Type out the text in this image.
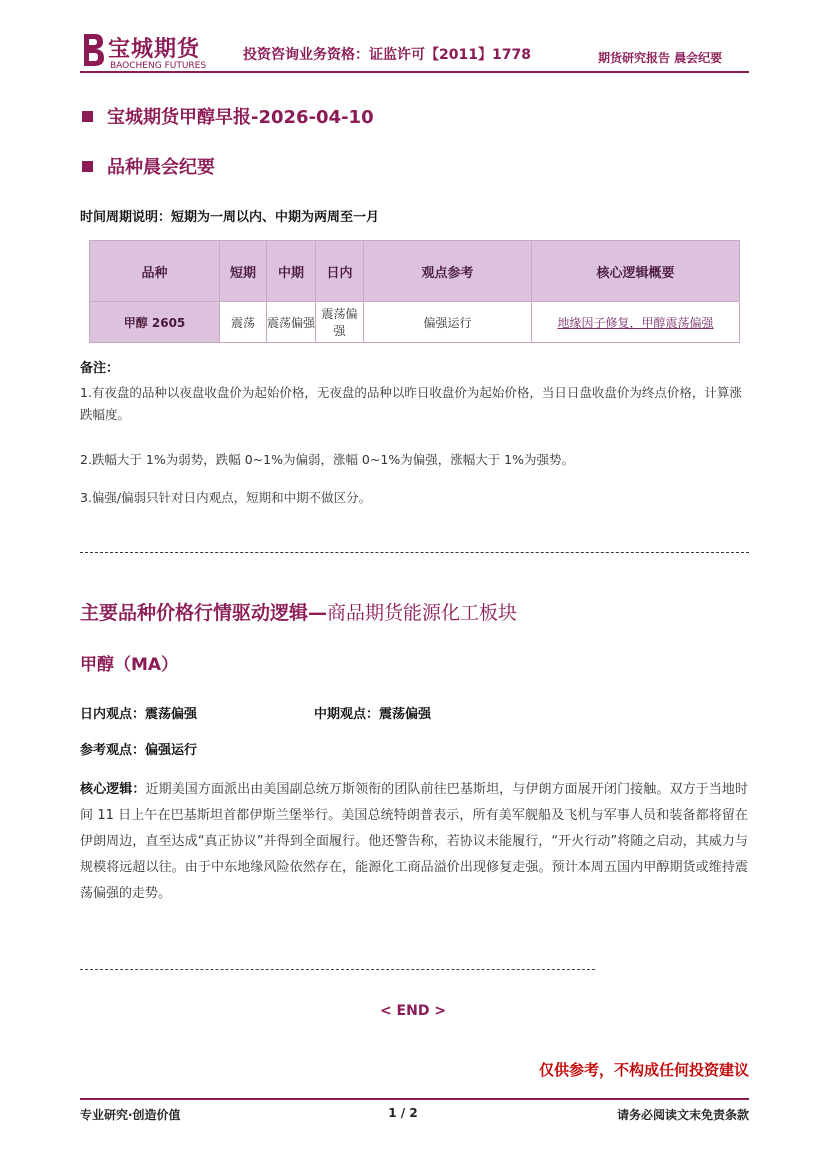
宝城期货
BAOCHENG FUTURES
投资咨询业务资格：证监许可【2011】1778	期货研究报告 晨会纪要
宝城期货甲醇早报-2026-04-10
品种晨会纪要
时间周期说明：短期为一周以内、中期为两周至一月
品种	短期	中期	日内	观点参考	核心逻辑概要
甲醇 2605	震荡	震荡偏强	震荡偏强	偏强运行	地缘因子修复，甲醇震荡偏强
备注：
1.有夜盘的品种以夜盘收盘价为起始价格，无夜盘的品种以昨日收盘价为起始价格，当日日盘收盘价为终点价格，计算涨跌幅度。
2.跌幅大于 1%为弱势，跌幅 0~1%为偏弱，涨幅 0~1%为偏强，涨幅大于 1%为强势。
3.偏强/偏弱只针对日内观点，短期和中期不做区分。
主要品种价格行情驱动逻辑—商品期货能源化工板块
甲醇（MA）
日内观点：震荡偏强	中期观点：震荡偏强
参考观点：偏强运行
核心逻辑：近期美国方面派出由美国副总统万斯领衔的团队前往巴基斯坦，与伊朗方面展开闭门接触。双方于当地时间 11 日上午在巴基斯坦首都伊斯兰堡举行。美国总统特朗普表示，所有美军舰船及飞机与军事人员和装备都将留在伊朗周边，直至达成“真正协议”并得到全面履行。他还警告称，若协议未能履行，“开火行动”将随之启动，其威力与规模将远超以往。由于中东地缘风险依然存在，能源化工商品溢价出现修复走强。预计本周五国内甲醇期货或维持震荡偏强的走势。
< END >
仅供参考，不构成任何投资建议
专业研究·创造价值	1 / 2	请务必阅读文末免责条款
